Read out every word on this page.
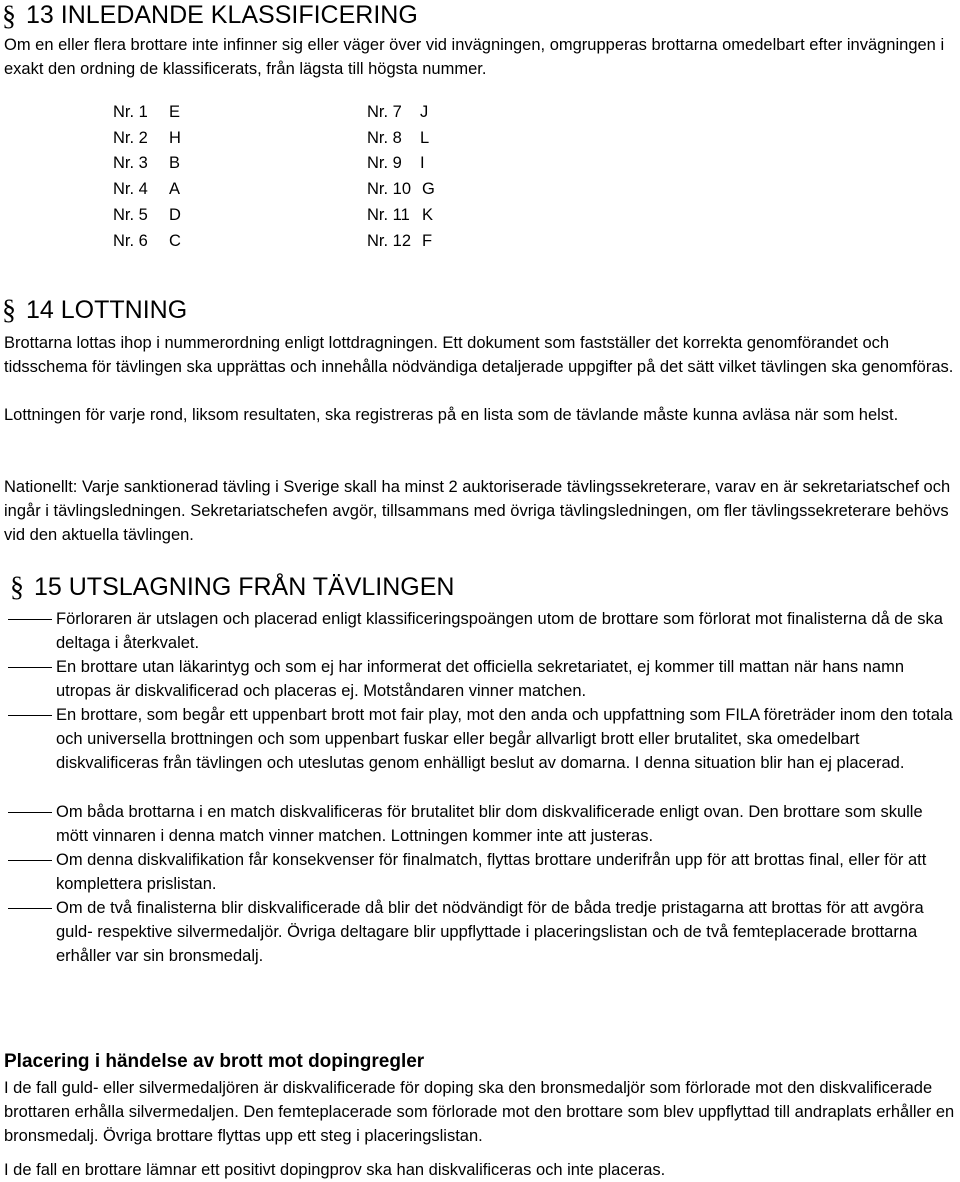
§ 13 INLEDANDE KLASSIFICERING

Om en eller flera brottare inte infinner sig eller väger över vid invägningen, omgrupperas brottarna omedelbart efter invägningen i exakt den ordning de klassificerats, från lägsta till högsta nummer.

Nr. 1 E
Nr. 2 H
Nr. 3 B
Nr. 4 A
Nr. 5 D
Nr. 6 C
Nr. 7 J
Nr. 8 L
Nr. 9 I
Nr. 10 G
Nr. 11 K
Nr. 12 F
§ 14 LOTTNING

Brottarna lottas ihop i nummerordning enligt lottdragningen. Ett dokument som fastställer det korrekta genomförandet och tidsschema för tävlingen ska upprättas och innehålla nödvändiga detaljerade uppgifter på det sätt vilket tävlingen ska genomföras.

Lottningen för varje rond, liksom resultaten, ska registreras på en lista som de tävlande måste kunna avläsa när som helst.

Nationellt: Varje sanktionerad tävling i Sverige skall ha minst 2 auktoriserade tävlingssekreterare, varav en är sekretariatschef och ingår i tävlingsledningen. Sekretariatschefen avgör, tillsammans med övriga tävlingsledningen, om fler tävlingssekreterare behövs vid den aktuella tävlingen.

§ 15 UTSLAGNING FRÅN TÄVLINGEN

Förloraren är utslagen och placerad enligt klassificeringspoängen utom de brottare som förlorat mot finalisterna då de ska deltaga i återkvalet.

En brottare utan läkarintyg och som ej har informerat det officiella sekretariatet, ej kommer till mattan när hans namn utropas är diskvalificerad och placeras ej. Motståndaren vinner matchen.

En brottare, som begår ett uppenbart brott mot fair play, mot den anda och uppfattning som FILA företräder inom den totala och universella brottningen och som uppenbart fuskar eller begår allvarligt brott eller brutalitet, ska omedelbart diskvalificeras från tävlingen och uteslutas genom enhälligt beslut av domarna. I denna situation blir han ej placerad.

Om båda brottarna i en match diskvalificeras för brutalitet blir dom diskvalificerade enligt ovan. Den brottare som skulle mött vinnaren i denna match vinner matchen. Lottningen kommer inte att justeras.

Om denna diskvalifikation får konsekvenser för finalmatch, flyttas brottare underifrån upp för att brottas final, eller för att komplettera prislistan.

Om de två finalisterna blir diskvalificerade då blir det nödvändigt för de båda tredje pristagarna att brottas för att avgöra guld- respektive silvermedaljör. Övriga deltagare blir uppflyttade i placeringslistan och de två femteplacerade brottarna erhåller var sin bronsmedalj.

Placering i händelse av brott mot dopingregler

I de fall guld- eller silvermedaljören är diskvalificerade för doping ska den bronsmedaljör som förlorade mot den diskvalificerade brottaren erhålla silvermedaljen. Den femteplacerade som förlorade mot den brottare som blev uppflyttad till andraplats erhåller en bronsmedalj. Övriga brottare flyttas upp ett steg i placeringslistan.

I de fall en brottare lämnar ett positivt dopingprov ska han diskvalificeras och inte placeras.
